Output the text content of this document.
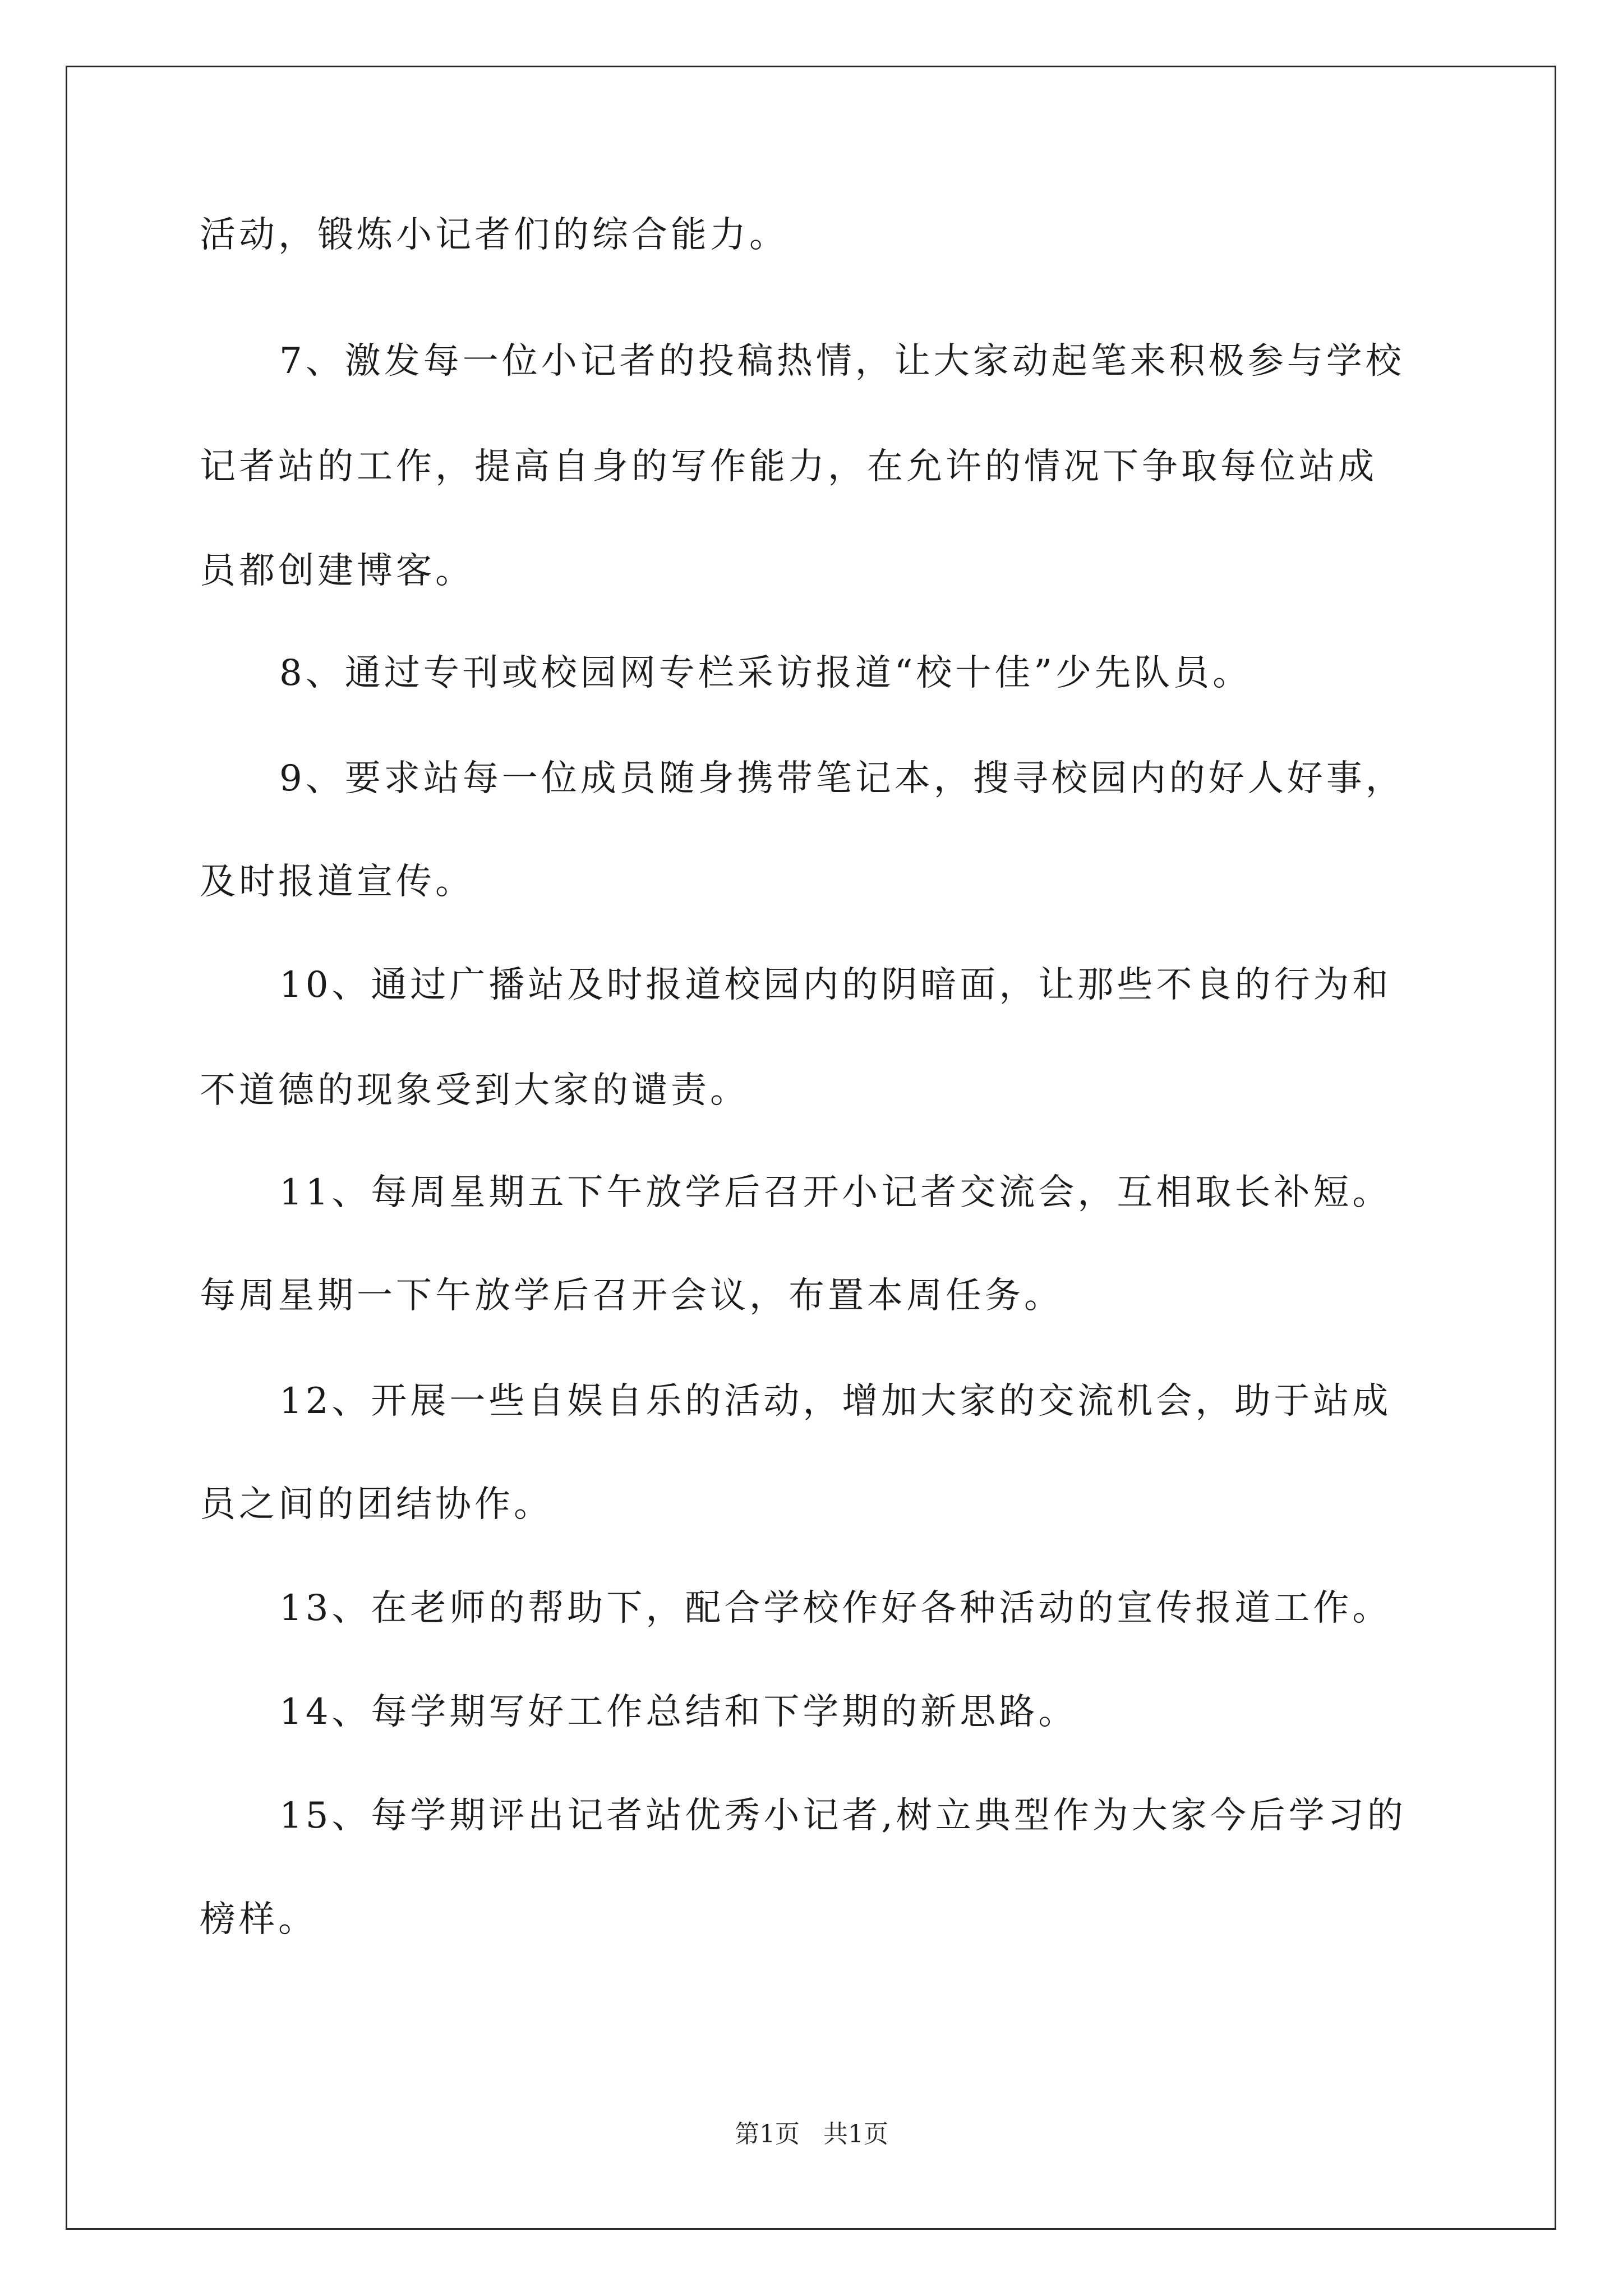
活动，锻炼小记者们的综合能力。
7、激发每一位小记者的投稿热情，让大家动起笔来积极参与学校
记者站的工作，提高自身的写作能力，在允许的情况下争取每位站成
员都创建博客。
8、通过专刊或校园网专栏采访报道“校十佳”少先队员。
9、要求站每一位成员随身携带笔记本，搜寻校园内的好人好事，
及时报道宣传。
10、通过广播站及时报道校园内的阴暗面，让那些不良的行为和
不道德的现象受到大家的谴责。
11、每周星期五下午放学后召开小记者交流会，互相取长补短。
每周星期一下午放学后召开会议，布置本周任务。
12、开展一些自娱自乐的活动，增加大家的交流机会，助于站成
员之间的团结协作。
13、在老师的帮助下，配合学校作好各种活动的宣传报道工作。
14、每学期写好工作总结和下学期的新思路。
15、每学期评出记者站优秀小记者,树立典型作为大家今后学习的
榜样。
第1页   共1页
